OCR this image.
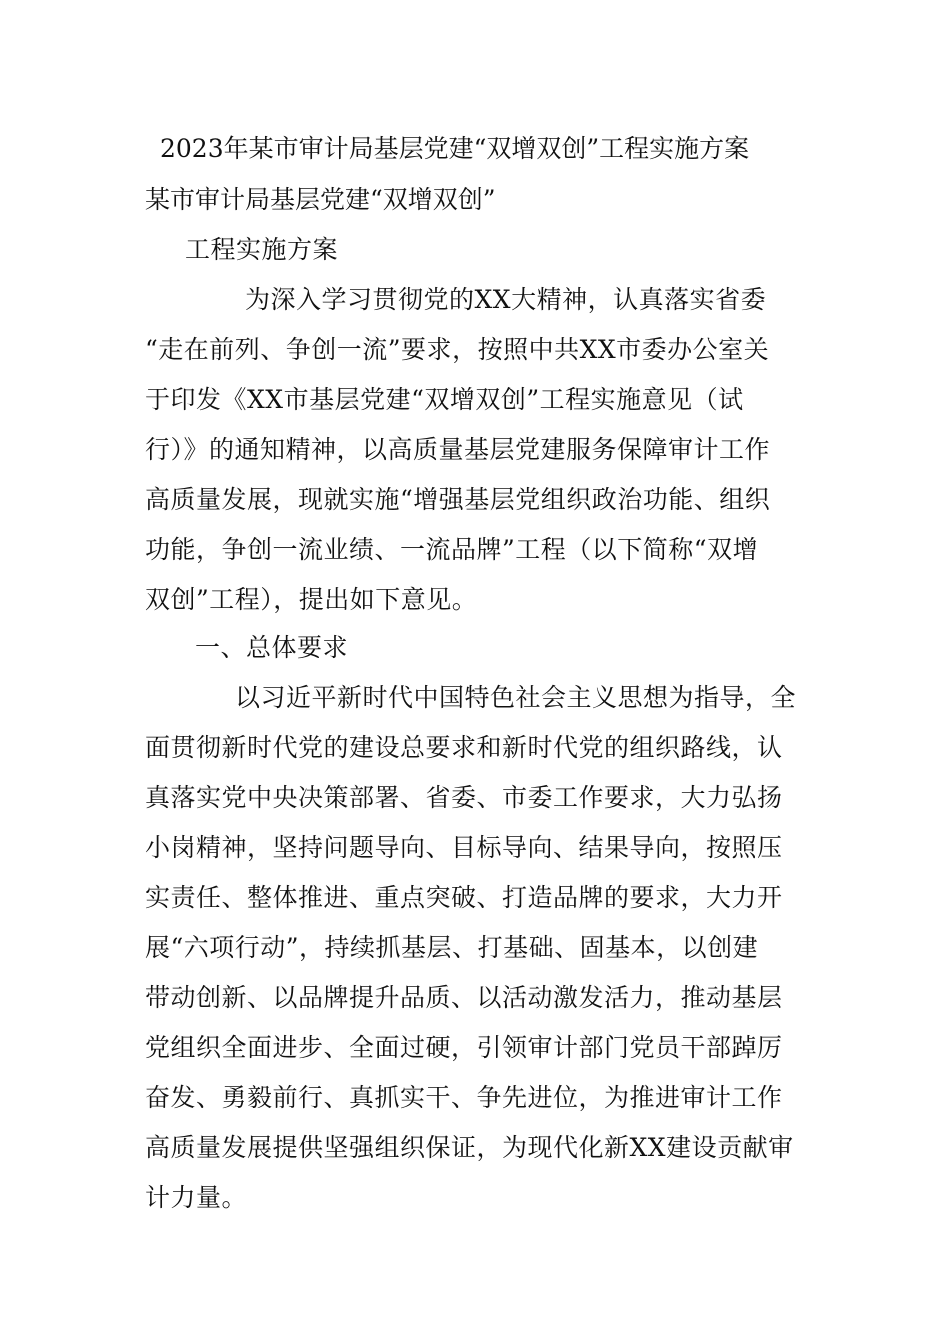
2023年某市审计局基层党建“双增双创”工程实施方案
某市审计局基层党建“双增双创”
工程实施方案
为深入学习贯彻党的XX大精神，认真落实省委
“走在前列、争创一流”要求，按照中共XX市委办公室关
于印发《XX市基层党建“双增双创”工程实施意见（试
行）》的通知精神，以高质量基层党建服务保障审计工作
高质量发展，现就实施“增强基层党组织政治功能、组织
功能，争创一流业绩、一流品牌”工程（以下简称“双增
双创”工程），提出如下意见。
一、总体要求
以习近平新时代中国特色社会主义思想为指导，全
面贯彻新时代党的建设总要求和新时代党的组织路线，认
真落实党中央决策部署、省委、市委工作要求，大力弘扬
小岗精神，坚持问题导向、目标导向、结果导向，按照压
实责任、整体推进、重点突破、打造品牌的要求，大力开
展“六项行动”，持续抓基层、打基础、固基本，以创建
带动创新、以品牌提升品质、以活动激发活力，推动基层
党组织全面进步、全面过硬，引领审计部门党员干部踔厉
奋发、勇毅前行、真抓实干、争先进位，为推进审计工作
高质量发展提供坚强组织保证，为现代化新XX建设贡献审
计力量。
